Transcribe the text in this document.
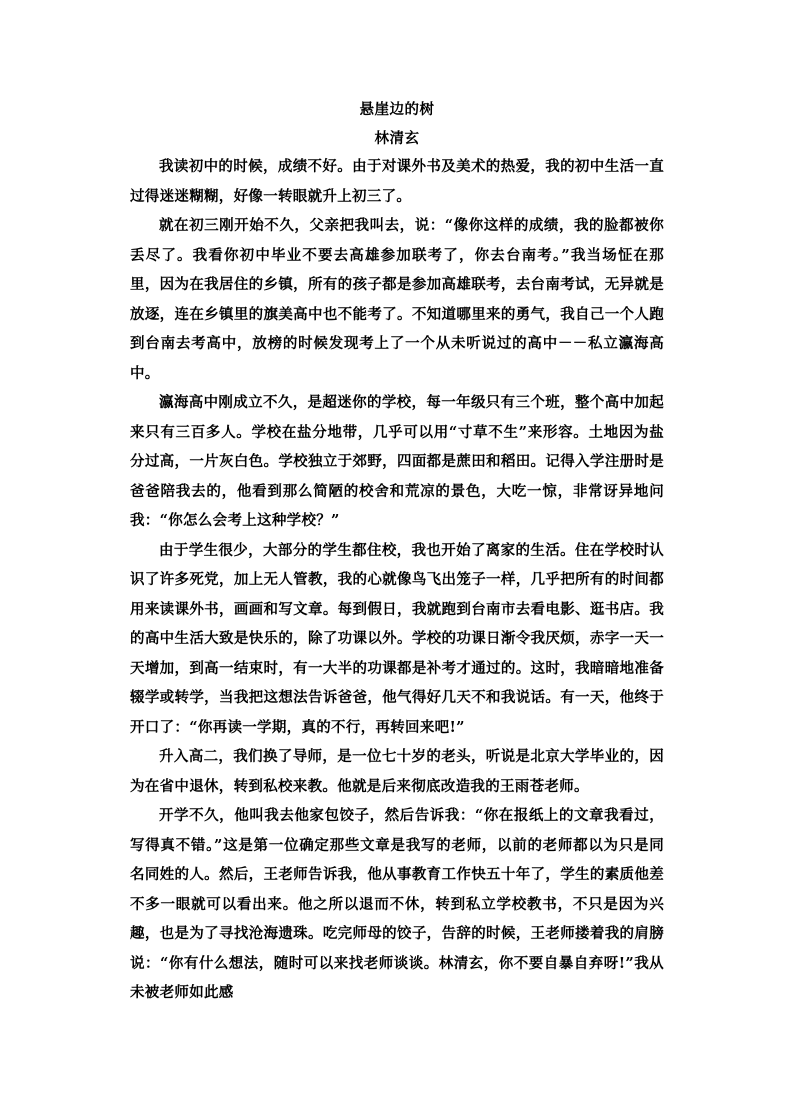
悬崖边的树
林清玄

我读初中的时候，成绩不好。由于对课外书及美术的热爱，我的初中生活一直过得迷迷糊糊，好像一转眼就升上初三了。

就在初三刚开始不久，父亲把我叫去，说：“像你这样的成绩，我的脸都被你丢尽了。我看你初中毕业不要去高雄参加联考了，你去台南考。”我当场怔在那里，因为在我居住的乡镇，所有的孩子都是参加高雄联考，去台南考试，无异就是放逐，连在乡镇里的旗美高中也不能考了。不知道哪里来的勇气，我自己一个人跑到台南去考高中，放榜的时候发现考上了一个从未听说过的高中－－私立瀛海高中。

瀛海高中刚成立不久，是超迷你的学校，每一年级只有三个班，整个高中加起来只有三百多人。学校在盐分地带，几乎可以用“寸草不生”来形容。土地因为盐分过高，一片灰白色。学校独立于郊野，四面都是蔗田和稻田。记得入学注册时是爸爸陪我去的，他看到那么简陋的校舍和荒凉的景色，大吃一惊，非常讶异地问我：“你怎么会考上这种学校？”

由于学生很少，大部分的学生都住校，我也开始了离家的生活。住在学校时认识了许多死党，加上无人管教，我的心就像鸟飞出笼子一样，几乎把所有的时间都用来读课外书，画画和写文章。每到假日，我就跑到台南市去看电影、逛书店。我的高中生活大致是快乐的，除了功课以外。学校的功课日渐令我厌烦，赤字一天一天增加，到高一结束时，有一大半的功课都是补考才通过的。这时，我暗暗地准备辍学或转学，当我把这想法告诉爸爸，他气得好几天不和我说话。有一天，他终于开口了：“你再读一学期，真的不行，再转回来吧!”

升入高二，我们换了导师，是一位七十岁的老头，听说是北京大学毕业的，因为在省中退休，转到私校来教。他就是后来彻底改造我的王雨苍老师。

开学不久，他叫我去他家包饺子，然后告诉我：“你在报纸上的文章我看过，写得真不错。”这是第一位确定那些文章是我写的老师，以前的老师都以为只是同名同姓的人。然后，王老师告诉我，他从事教育工作快五十年了，学生的素质他差不多一眼就可以看出来。他之所以退而不休，转到私立学校教书，不只是因为兴趣，也是为了寻找沧海遗珠。吃完师母的饺子，告辞的时候，王老师搂着我的肩膀说：“你有什么想法，随时可以来找老师谈谈。林清玄，你不要自暴自弃呀!”我从未被老师如此感
